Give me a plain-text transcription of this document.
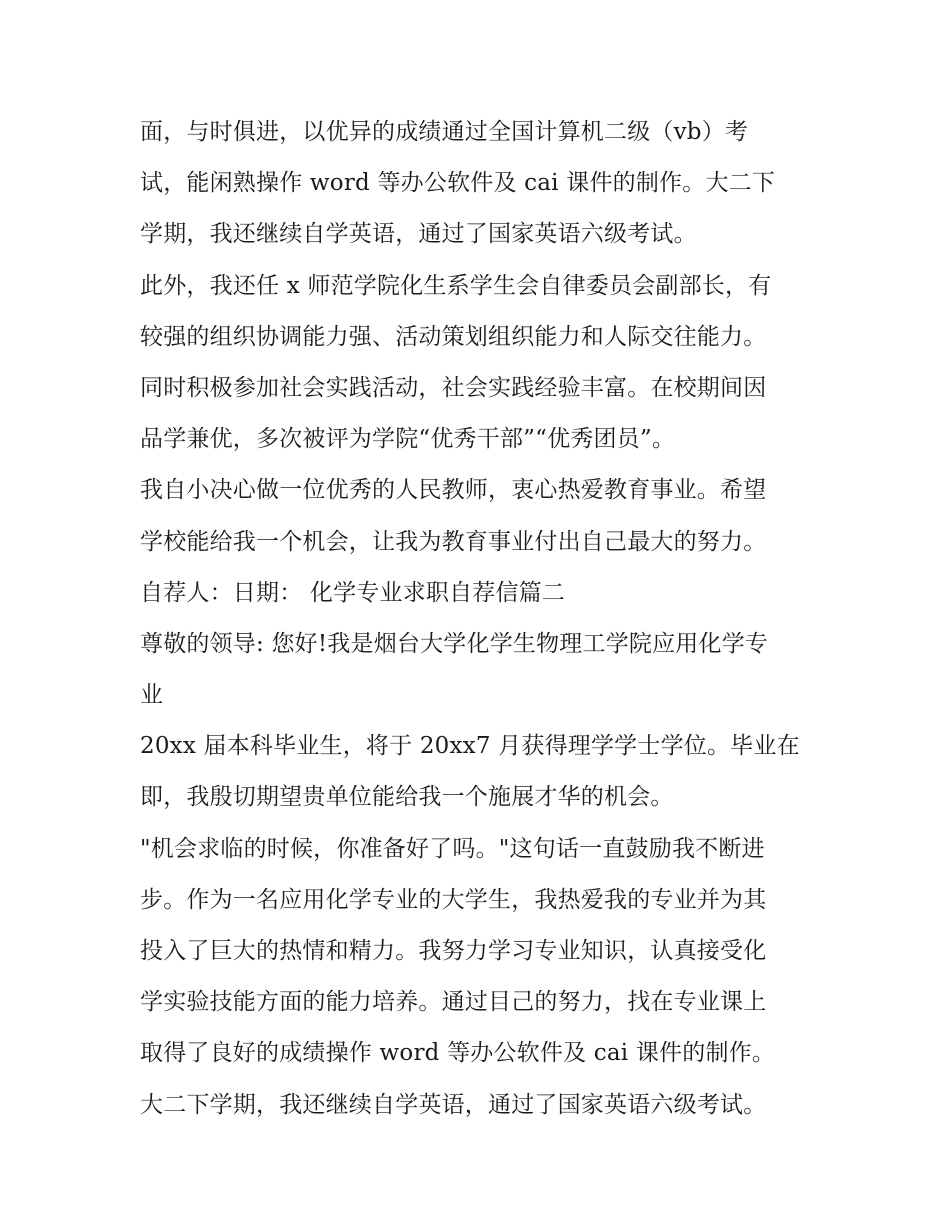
面，与时俱进，以优异的成绩通过全国计算机二级（vb）考
试，能闲熟操作 word 等办公软件及 cai 课件的制作。大二下
学期，我还继续自学英语，通过了国家英语六级考试。
此外，我还任 x 师范学院化生系学生会自律委员会副部长，有
较强的组织协调能力强、活动策划组织能力和人际交往能力。
同时积极参加社会实践活动，社会实践经验丰富。在校期间因
品学兼优，多次被评为学院“优秀干部”“优秀团员”。
我自小决心做一位优秀的人民教师，衷心热爱教育事业。希望
学校能给我一个机会，让我为教育事业付出自己最大的努力。
自荐人：日期： 化学专业求职自荐信篇二
尊敬的领导: 您好!我是烟台大学化学生物理工学院应用化学专
业
20xx 届本科毕业生，将于 20xx7 月获得理学学士学位。毕业在
即，我殷切期望贵单位能给我一个施展才华的机会。
"机会求临的时候，你准备好了吗。"这句话一直鼓励我不断进
步。作为一名应用化学专业的大学生，我热爱我的专业并为其
投入了巨大的热情和精力。我努力学习专业知识，认真接受化
学实验技能方面的能力培养。通过目己的努力，找在专业课上
取得了良好的成绩操作 word 等办公软件及 cai 课件的制作。
大二下学期，我还继续自学英语，通过了国家英语六级考试。
